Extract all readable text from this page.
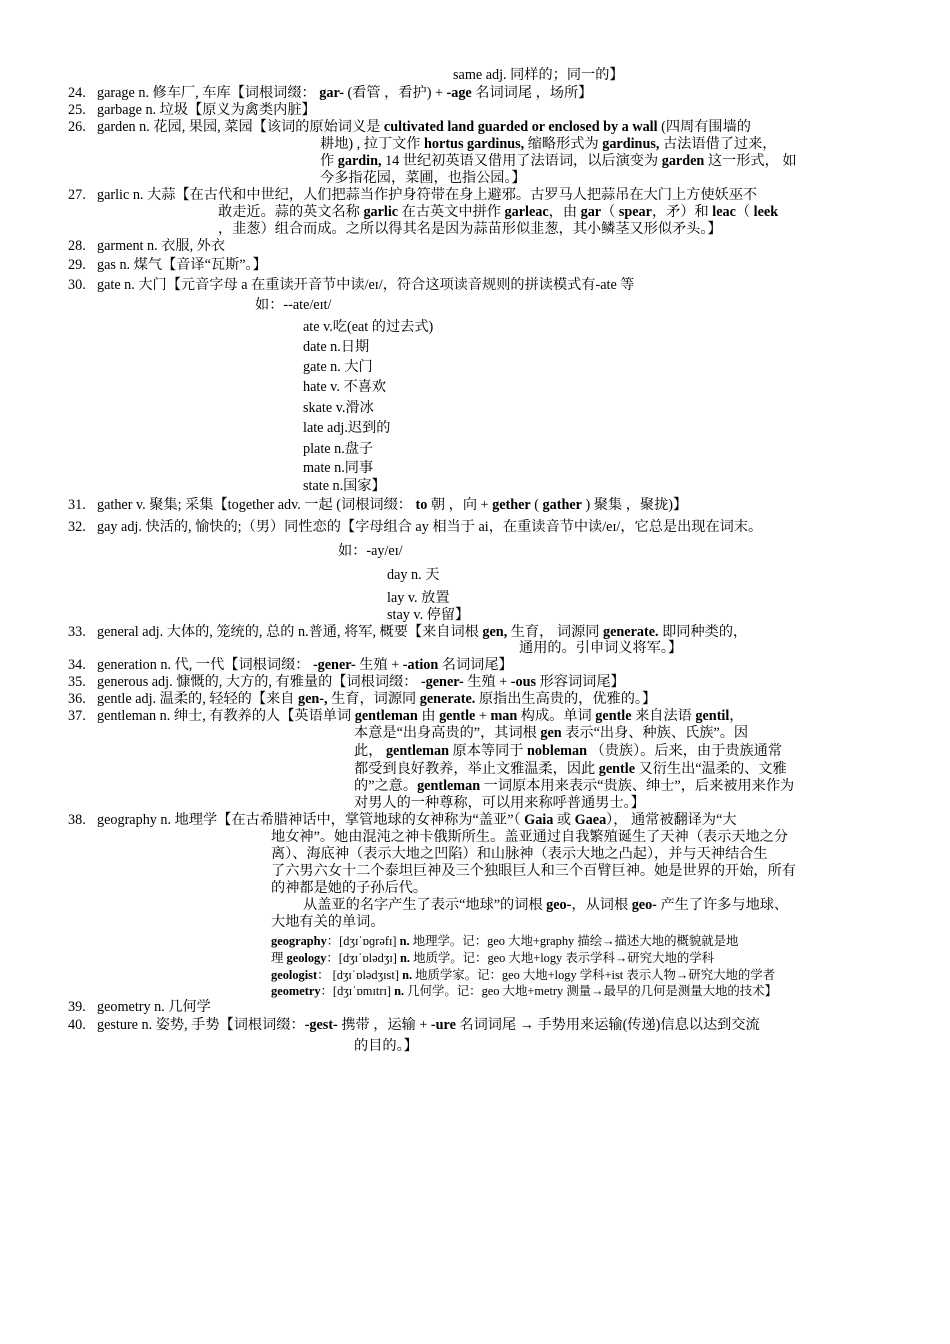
same adj. 同样的；同一的】
24. garage n. 修车厂, 车库【词根词缀： gar- (看管 ，看护) + -age 名词词尾 ，场所】
25. garbage n. 垃圾【原义为禽类内脏】
26. garden n. 花园, 果园, 菜园【该词的原始词义是 cultivated land guarded or enclosed by a wall (四周有围墙的
耕地) , 拉丁文作 hortus gardinus, 缩略形式为 gardinus, 古法语借了过来，
作 gardin, 14 世纪初英语又借用了法语词，以后演变为 garden 这一形式， 如
今多指花园，菜圃，也指公园。】
27. garlic n. 大蒜【在古代和中世纪，人们把蒜当作护身符带在身上避邪。古罗马人把蒜吊在大门上方使妖巫不
敢走近。蒜的英文名称 garlic 在古英文中拼作 garleac，由 gar（ spear，矛）和 leac（ leek
，韭葱）组合而成。之所以得其名是因为蒜苗形似韭葱，其小鳞茎又形似矛头。】
28. garment n. 衣服, 外衣
29. gas n. 煤气【音译“瓦斯”。】
30. gate n. 大门【元音字母 a 在重读开音节中读/eɪ/，符合这项读音规则的拼读模式有-ate 等
如：--ate/eɪt/
ate v.吃(eat 的过去式)
date n.日期
gate n. 大门
hate v. 不喜欢
skate v.滑冰
late adj.迟到的
plate n.盘子
mate n.同事
state n.国家】
31. gather v. 聚集; 采集【together adv. 一起 (词根词缀： to 朝 ，向 + gether ( gather ) 聚集 ，聚拢)】
32. gay adj. 快活的, 愉快的;（男）同性恋的【字母组合 ay 相当于 ai，在重读音节中读/eɪ/，它总是出现在词末。
如：-ay/eɪ/
day n. 天
lay v. 放置
stay v. 停留】
33. general adj. 大体的, 笼统的, 总的 n.普通, 将军, 概要【来自词根 gen, 生育， 词源同 generate. 即同种类的，
通用的。引申词义将军。】
34. generation n. 代, 一代【词根词缀： -gener- 生殖 + -ation 名词词尾】
35. generous adj. 慷慨的, 大方的, 有雅量的【词根词缀： -gener- 生殖 + -ous 形容词词尾】
36. gentle adj. 温柔的, 轻轻的【来自 gen-, 生育，词源同 generate. 原指出生高贵的，优雅的。】
37. gentleman n. 绅士, 有教养的人【英语单词 gentleman 由 gentle + man 构成。单词 gentle 来自法语 gentil，
本意是“出身高贵的”，其词根 gen 表示“出身、种族、氏族”。因
此， gentleman 原本等同于 nobleman （贵族）。后来，由于贵族通常
都受到良好教养，举止文雅温柔，因此 gentle 又衍生出“温柔的、文雅
的”之意。gentleman 一词原本用来表示“贵族、绅士”，后来被用来作为
对男人的一种尊称，可以用来称呼普通男士。】
38. geography n. 地理学【在古希腊神话中，掌管地球的女神称为“盖亚”（ Gaia 或 Gaea）， 通常被翻译为“大
地女神”。她由混沌之神卡俄斯所生。盖亚通过自我繁殖诞生了天神（表示天地之分
离）、海底神（表示大地之凹陷）和山脉神（表示大地之凸起），并与天神结合生
了六男六女十二个泰坦巨神及三个独眼巨人和三个百臂巨神。她是世界的开始，所有
的神都是她的子孙后代。
从盖亚的名字产生了表示“地球”的词根 geo-，从词根 geo- 产生了许多与地球、
大地有关的单词。
geography：[dʒɪˈɒɡrəfɪ] n. 地理学。记：geo 大地+graphy 描绘→描述大地的概貌就是地
理 geology：[dʒɪˈɒlədʒɪ] n. 地质学。记：geo 大地+logy 表示学科→研究大地的学科
geologist： [dʒɪˈɒlədʒɪst] n. 地质学家。记：geo 大地+logy 学科+ist 表示人物→研究大地的学者
geometry：[dʒɪˈɒmɪtrɪ] n. 几何学。记：geo 大地+metry 测量→最早的几何是测量大地的技术】
39. geometry n. 几何学
40. gesture n. 姿势, 手势【词根词缀：-gest- 携带 ，运输 + -ure 名词词尾 → 手势用来运输(传递)信息以达到交流
的目的。】
